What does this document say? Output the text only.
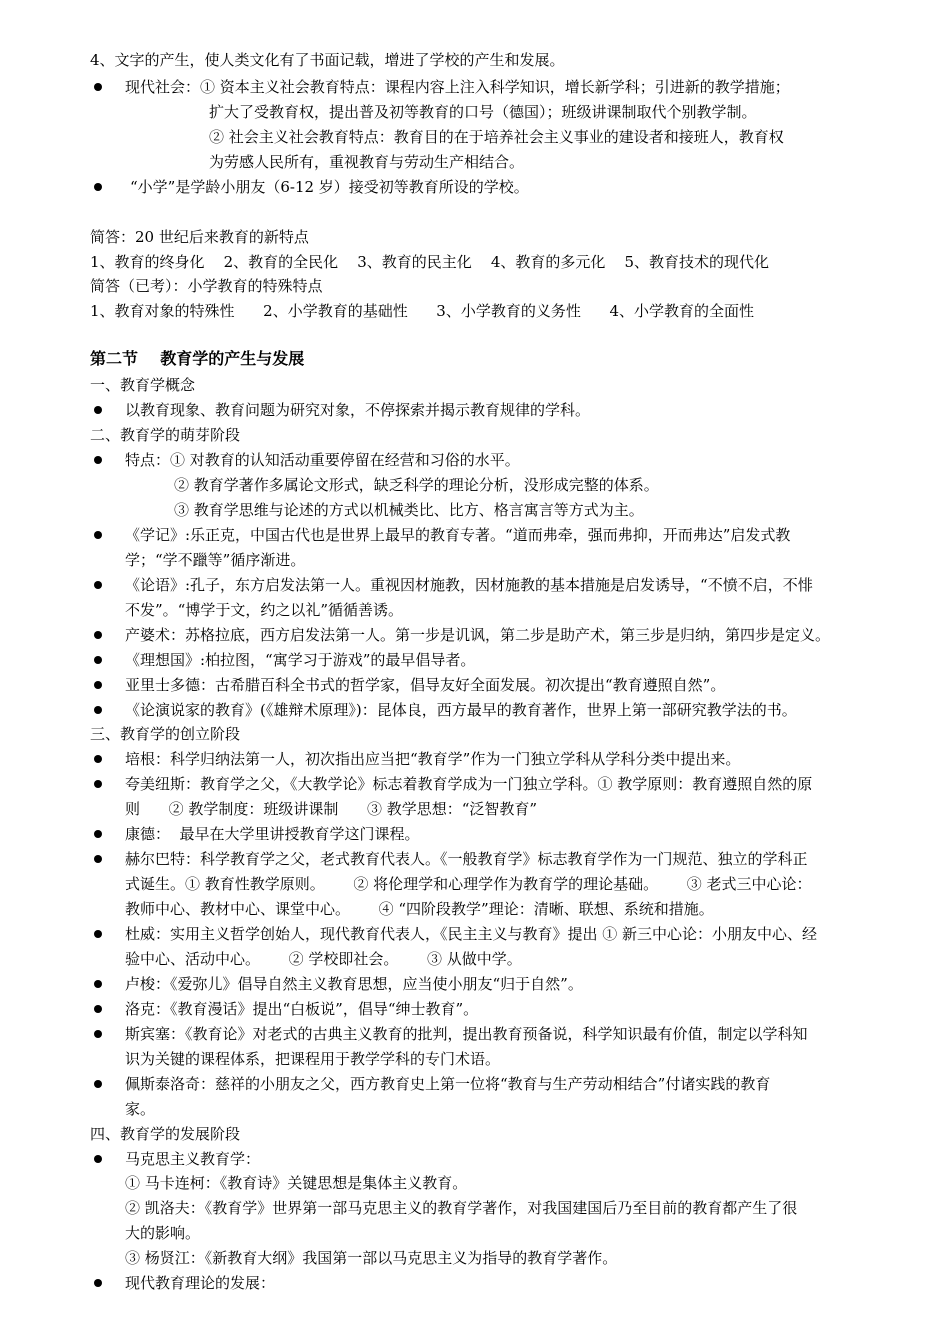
4、文字的产生，使人类文化有了书面记载，增进了学校的产生和发展。
现代社会：① 资本主义社会教育特点：课程内容上注入科学知识，增长新学科；引进新的教学措施；
扩大了受教育权，提出普及初等教育的口号（德国）；班级讲课制取代个别教学制。
② 社会主义社会教育特点：教育目的在于培养社会主义事业的建设者和接班人，教育权
为劳感人民所有，重视教育与劳动生产相结合。
“小学”是学龄小朋友（6-12 岁）接受初等教育所设的学校。
简答：20 世纪后来教育的新特点
1、教育的终身化    2、教育的全民化    3、教育的民主化    4、教育的多元化    5、教育技术的现代化
简答（已考）：小学教育的特殊特点
1、教育对象的特殊性      2、小学教育的基础性      3、小学教育的义务性      4、小学教育的全面性
第二节    教育学的产生与发展
一、教育学概念
以教育现象、教育问题为研究对象，不停探索并揭示教育规律的学科。
二、教育学的萌芽阶段
特点：① 对教育的认知活动重要停留在经营和习俗的水平。
② 教育学著作多属论文形式，缺乏科学的理论分析，没形成完整的体系。
③ 教育学思维与论述的方式以机械类比、比方、格言寓言等方式为主。
《学记》:乐正克，中国古代也是世界上最早的教育专著。“道而弗牵，强而弗抑，开而弗达”启发式教
学；“学不躐等”循序渐进。
《论语》:孔子，东方启发法第一人。重视因材施教，因材施教的基本措施是启发诱导，“不愤不启，不悱
不发”。“博学于文，约之以礼”循循善诱。
产婆术：苏格拉底，西方启发法第一人。第一步是讥讽，第二步是助产术，第三步是归纳，第四步是定义。
《理想国》:柏拉图，“寓学习于游戏”的最早倡导者。
亚里士多德：古希腊百科全书式的哲学家，倡导友好全面发展。初次提出“教育遵照自然”。
《论演说家的教育》(《雄辩术原理》)：昆体良，西方最早的教育著作，世界上第一部研究教学法的书。
三、教育学的创立阶段
培根：科学归纳法第一人，初次指出应当把“教育学”作为一门独立学科从学科分类中提出来。
夸美纽斯：教育学之父，《大教学论》标志着教育学成为一门独立学科。① 教学原则：教育遵照自然的原
则      ② 教学制度：班级讲课制      ③ 教学思想：“泛智教育”
康德：  最早在大学里讲授教育学这门课程。
赫尔巴特：科学教育学之父，老式教育代表人。《一般教育学》标志教育学作为一门规范、独立的学科正
式诞生。① 教育性教学原则。      ② 将伦理学和心理学作为教育学的理论基础。      ③ 老式三中心论：
教师中心、教材中心、课堂中心。      ④ “四阶段教学”理论：清晰、联想、系统和措施。
杜威：实用主义哲学创始人，现代教育代表人，《民主主义与教育》提出 ① 新三中心论：小朋友中心、经
验中心、活动中心。      ② 学校即社会。      ③ 从做中学。
卢梭：《爱弥儿》倡导自然主义教育思想，应当使小朋友“归于自然”。
洛克：《教育漫话》提出“白板说”，倡导“绅士教育”。
斯宾塞：《教育论》对老式的古典主义教育的批判，提出教育预备说，科学知识最有价值，制定以学科知
识为关键的课程体系，把课程用于教学学科的专门术语。
佩斯泰洛奇：慈祥的小朋友之父，西方教育史上第一位将“教育与生产劳动相结合”付诸实践的教育
家。
四、教育学的发展阶段
马克思主义教育学：
① 马卡连柯：《教育诗》关键思想是集体主义教育。
② 凯洛夫：《教育学》世界第一部马克思主义的教育学著作，对我国建国后乃至目前的教育都产生了很
大的影响。
③ 杨贤江：《新教育大纲》我国第一部以马克思主义为指导的教育学著作。
现代教育理论的发展：
